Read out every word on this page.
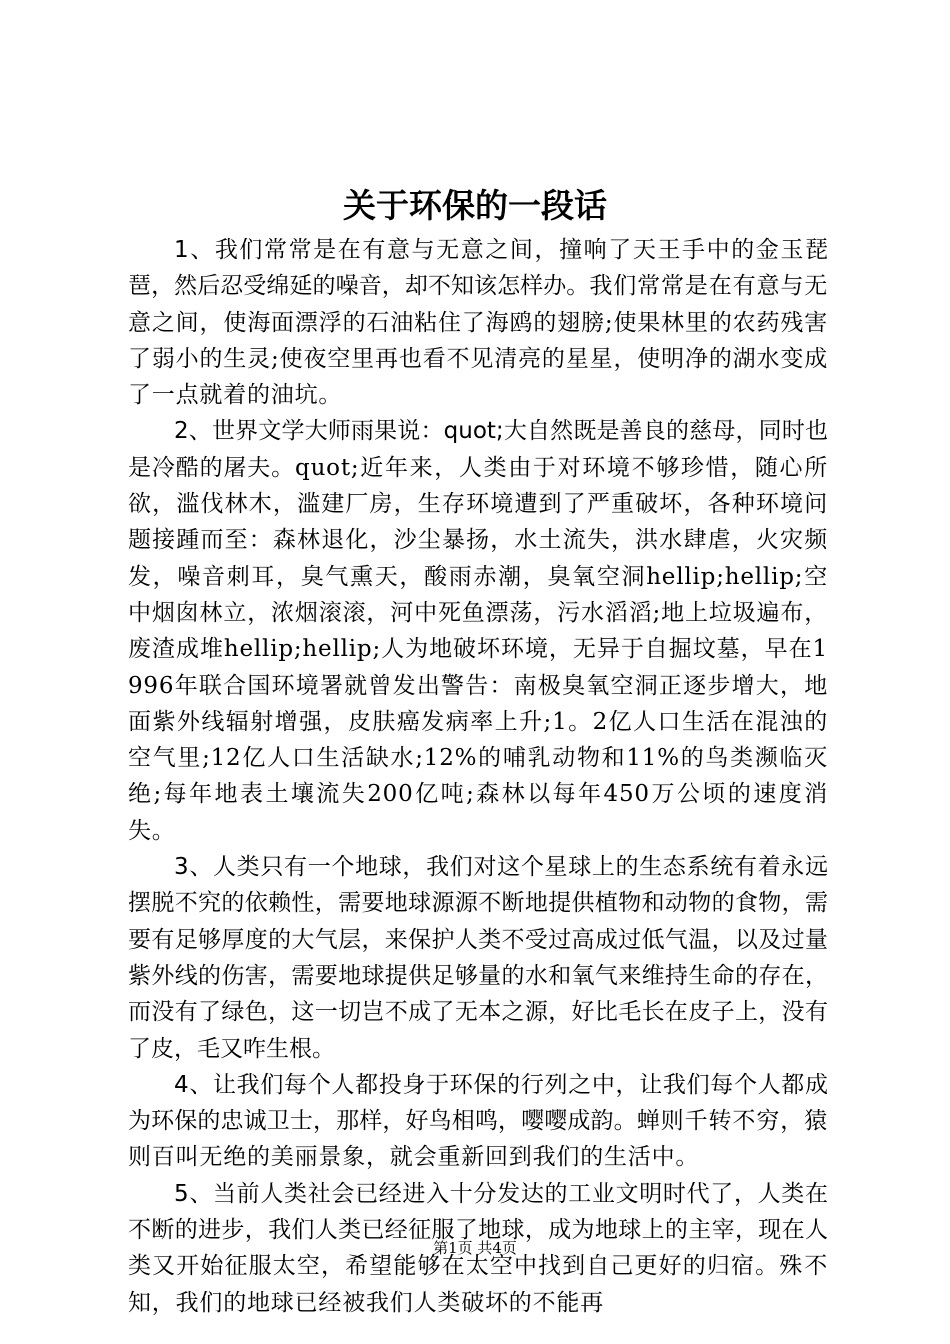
关于环保的一段话

1、我们常常是在有意与无意之间，撞响了天王手中的金玉琵琶，然后忍受绵延的噪音，却不知该怎样办。我们常常是在有意与无意之间，使海面漂浮的石油粘住了海鸥的翅膀;使果林里的农药残害了弱小的生灵;使夜空里再也看不见清亮的星星，使明净的湖水变成了一点就着的油坑。

2、世界文学大师雨果说：quot;大自然既是善良的慈母，同时也是冷酷的屠夫。quot;近年来，人类由于对环境不够珍惜，随心所欲，滥伐林木，滥建厂房，生存环境遭到了严重破坏，各种环境问题接踵而至：森林退化，沙尘暴扬，水土流失，洪水肆虐，火灾频发，噪音刺耳，臭气熏天，酸雨赤潮，臭氧空洞hellip;hellip;空中烟囱林立，浓烟滚滚，河中死鱼漂荡，污水滔滔;地上垃圾遍布，废渣成堆hellip;hellip;人为地破坏环境，无异于自掘坟墓，早在1996年联合国环境署就曾发出警告：南极臭氧空洞正逐步增大，地面紫外线辐射增强，皮肤癌发病率上升;1。2亿人口生活在混浊的空气里;12亿人口生活缺水;12%的哺乳动物和11%的鸟类濒临灭绝;每年地表土壤流失200亿吨;森林以每年450万公顷的速度消失。

3、人类只有一个地球，我们对这个星球上的生态系统有着永远摆脱不究的依赖性，需要地球源源不断地提供植物和动物的食物，需要有足够厚度的大气层，来保护人类不受过高成过低气温，以及过量紫外线的伤害，需要地球提供足够量的水和氧气来维持生命的存在，而没有了绿色，这一切岂不成了无本之源，好比毛长在皮子上，没有了皮，毛又咋生根。

4、让我们每个人都投身于环保的行列之中，让我们每个人都成为环保的忠诚卫士，那样，好鸟相鸣，嘤嘤成韵。蝉则千转不穷，猿则百叫无绝的美丽景象，就会重新回到我们的生活中。

5、当前人类社会已经进入十分发达的工业文明时代了，人类在不断的进步，我们人类已经征服了地球，成为地球上的主宰，现在人类又开始征服太空，希望能够在太空中找到自己更好的归宿。殊不知，我们的地球已经被我们人类破坏的不能再

第1页 共4页
